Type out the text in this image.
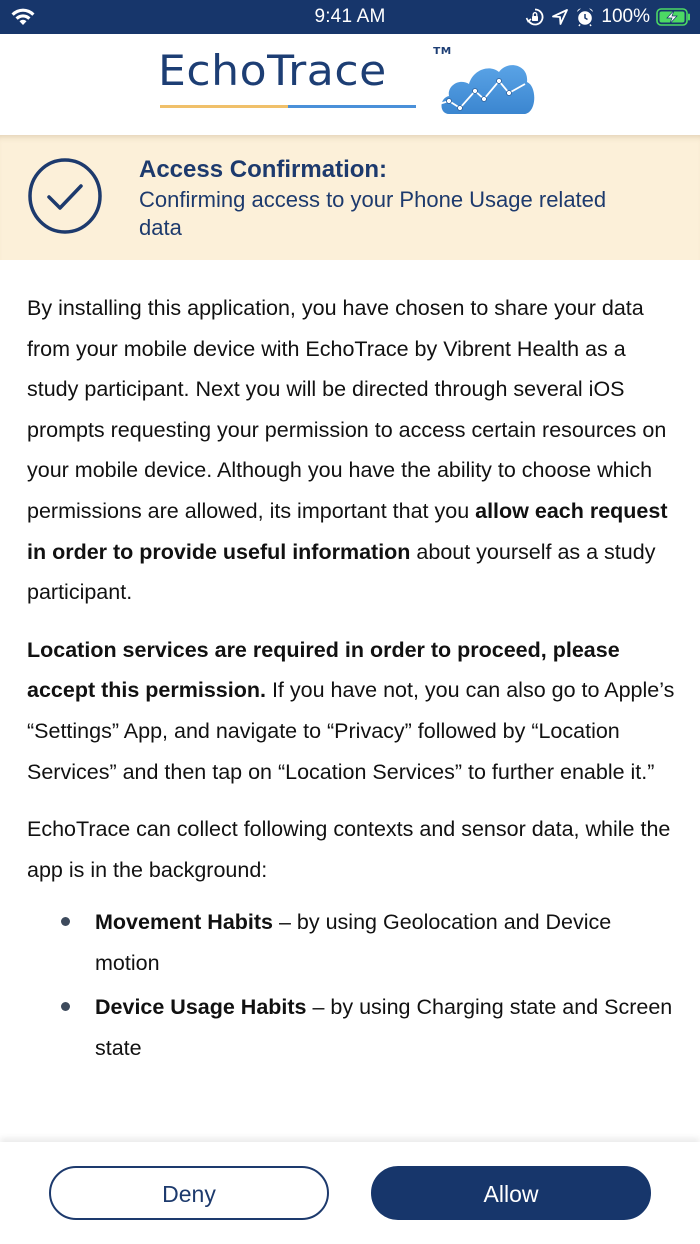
9:41 AM	100%
EchoTrace	TM
Access Confirmation:
Confirming access to your Phone Usage related data

By installing this application, you have chosen to share your data from your mobile device with EchoTrace by Vibrent Health as a study participant. Next you will be directed through several iOS prompts requesting your permission to access certain resources on your mobile device. Although you have the ability to choose which permissions are allowed, its important that you allow each request in order to provide useful information about yourself as a study participant.

Location services are required in order to proceed, please accept this permission. If you have not, you can also go to Apple’s “Settings” App, and navigate to “Privacy” followed by “Location Services” and then tap on “Location Services” to further enable it.”

EchoTrace can collect following contexts and sensor data, while the app is in the background:

Movement Habits – by using Geolocation and Device motion
Device Usage Habits – by using Charging state and Screen state
Deny	Allow
